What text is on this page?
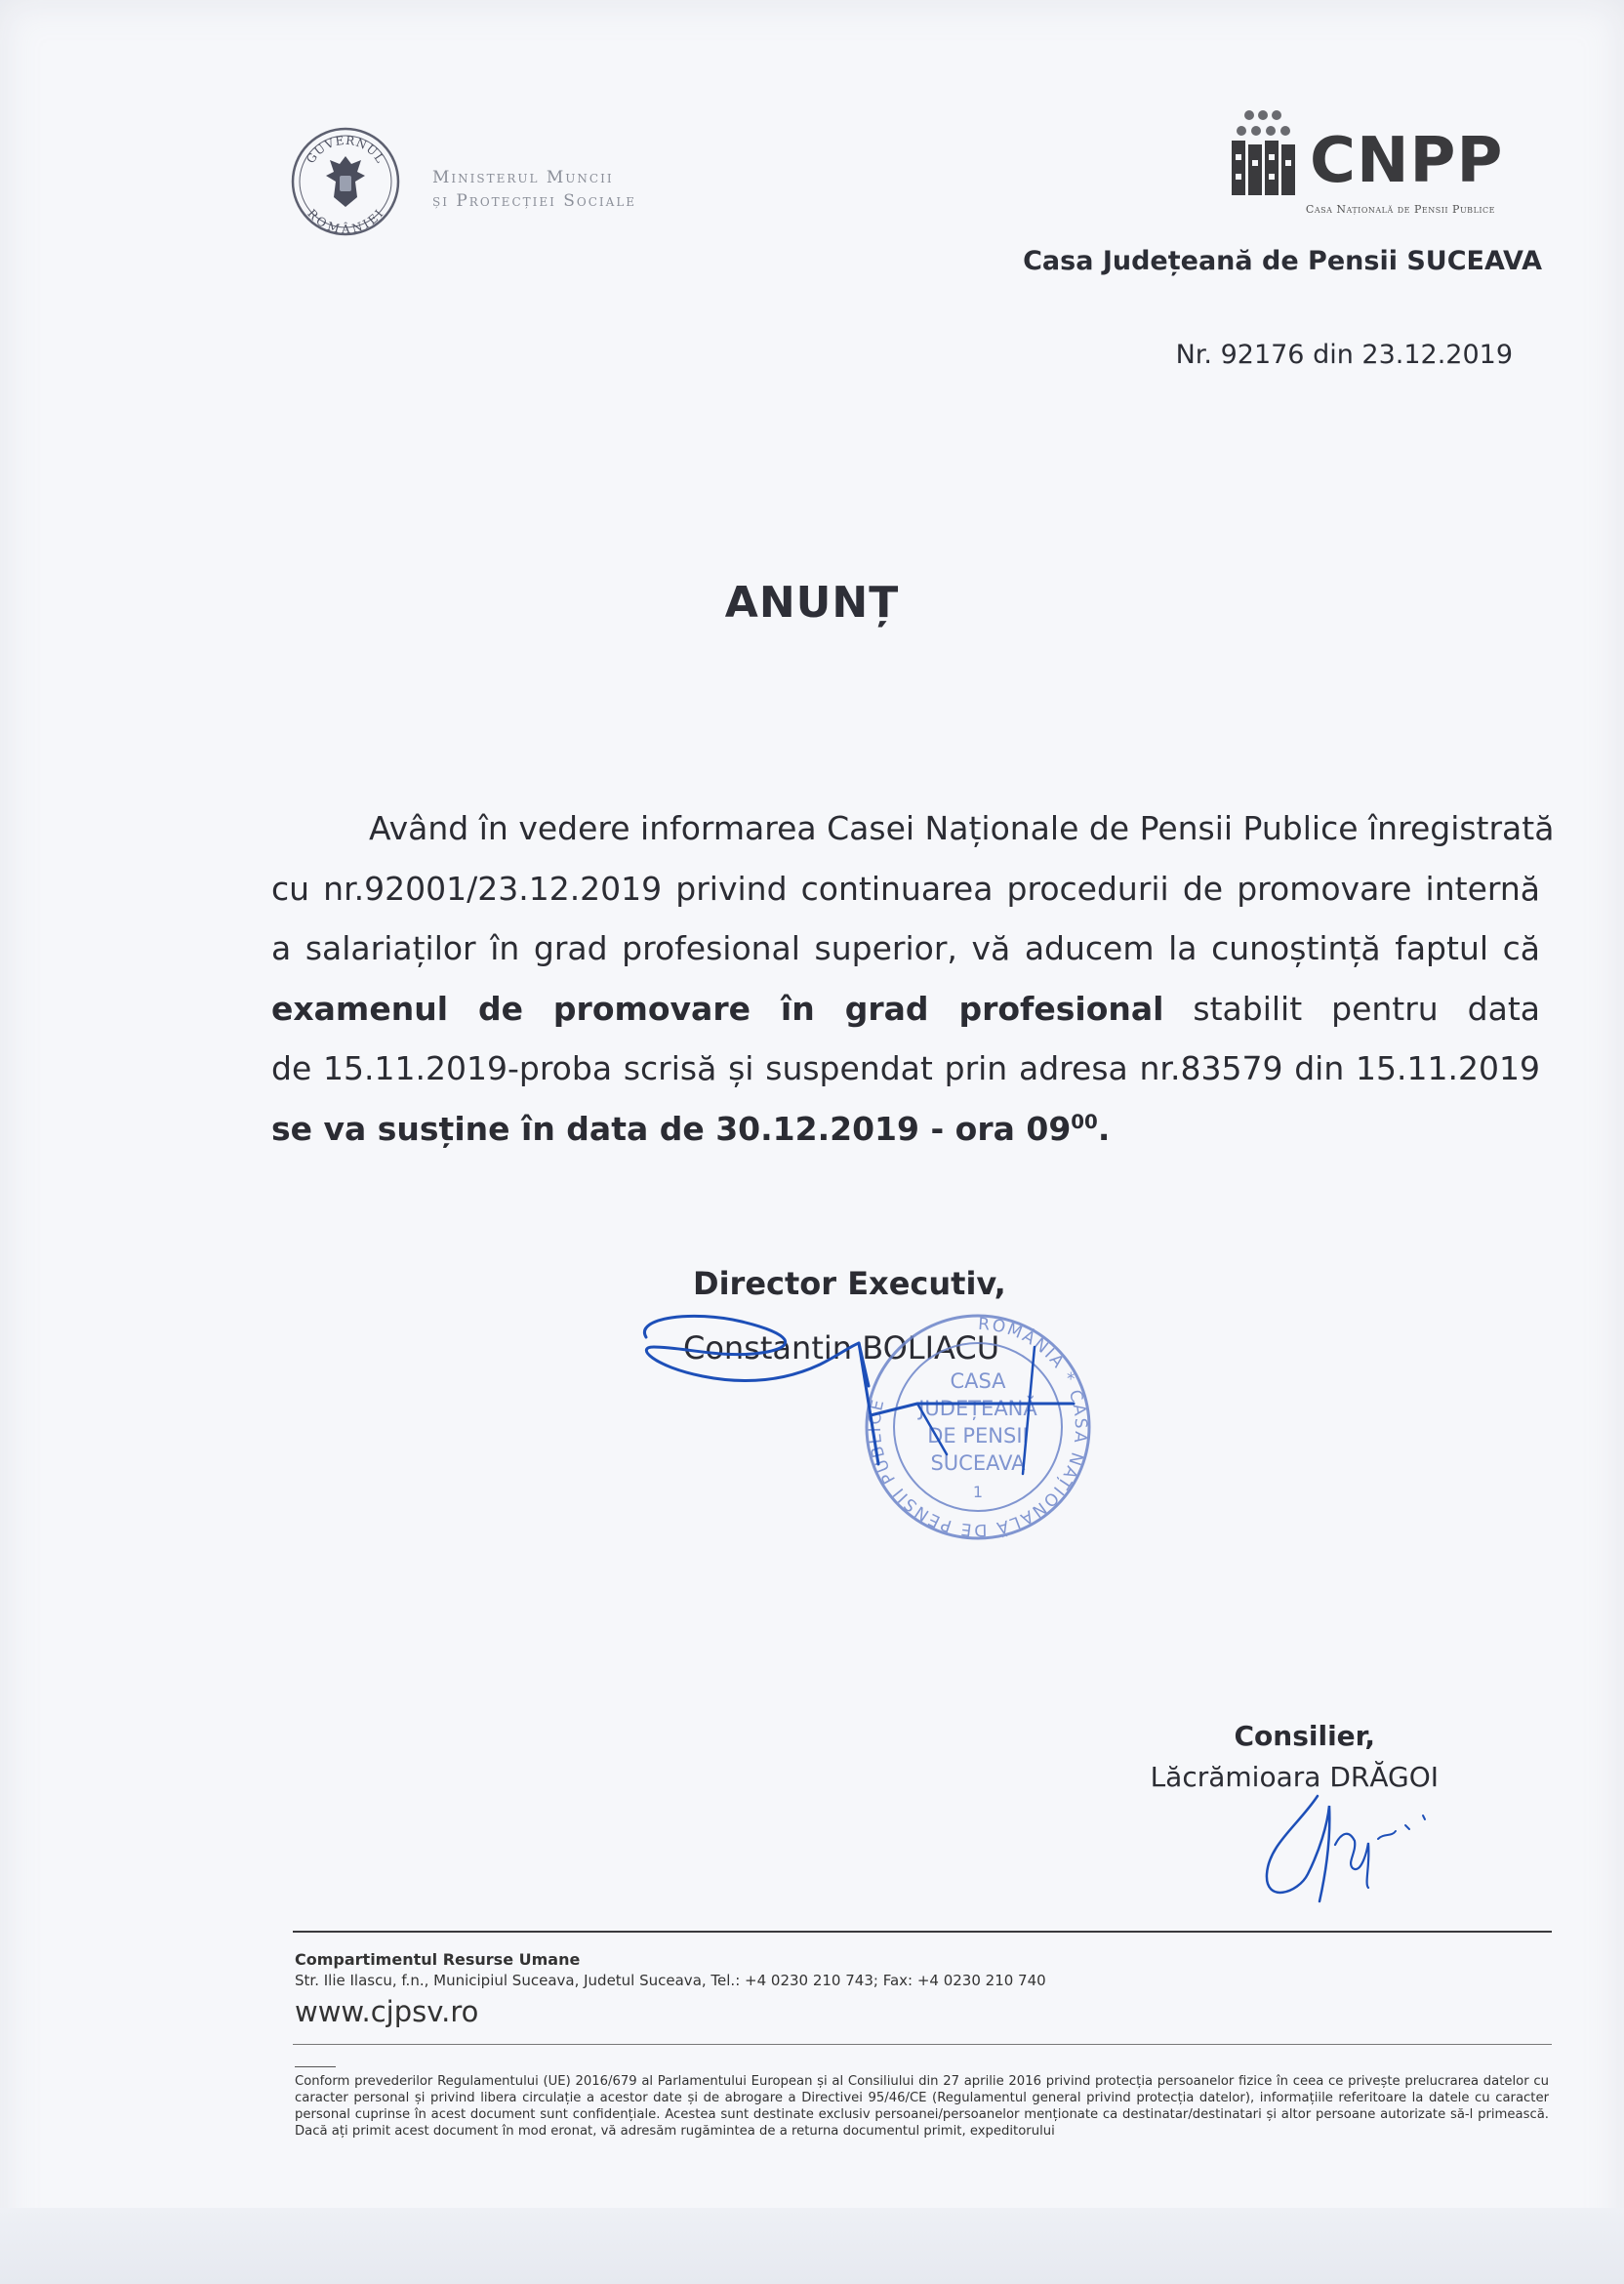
GUVERNUL
ROMÂNIEI
Ministerul Muncii
și Protecției Sociale
CNPP
Casa Națională de Pensii Publice
Casa Județeană de Pensii SUCEAVA
Nr. 92176 din 23.12.2019
ANUNȚ
Având în vedere informarea Casei Naționale de Pensii Publice înregistrată
cu nr.92001/23.12.2019 privind continuarea procedurii de promovare internă
a salariaților în grad profesional superior, vă aducem la cunoștință faptul că
examenul de promovare în grad profesional stabilit pentru data
de 15.11.2019-proba scrisă și suspendat prin adresa nr.83579 din 15.11.2019
se va susține în data de 30.12.2019 - ora $09^{00}$.
Director Executiv,
Constantin BOLIACU
ROMÂNIA * CASA NAȚIONALĂ DE PENSII PUBLICE
CASA
JUDEȚEANĂ
DE PENSII
SUCEAVA
1
Consilier,
Lăcrămioara DRĂGOI
Compartimentul Resurse Umane
Str. Ilie Ilascu, f.n., Municipiul Suceava, Judetul Suceava, Tel.: +4 0230 210 743; Fax: +4 0230 210 740
www.cjpsv.ro
Conform prevederilor Regulamentului (UE) 2016/679 al Parlamentului European și al Consiliului din 27 aprilie 2016 privind protecția persoanelor fizice în ceea ce privește prelucrarea datelor cu caracter personal și privind libera circulație a acestor date și de abrogare a Directivei 95/46/CE (Regulamentul general privind protecția datelor), informațiile referitoare la datele cu caracter personal cuprinse în acest document sunt confidențiale. Acestea sunt destinate exclusiv persoanei/persoanelor menționate ca destinatar/destinatari și altor persoane autorizate să-l primească. Dacă ați primit acest document în mod eronat, vă adresăm rugămintea de a returna documentul primit, expeditorului
